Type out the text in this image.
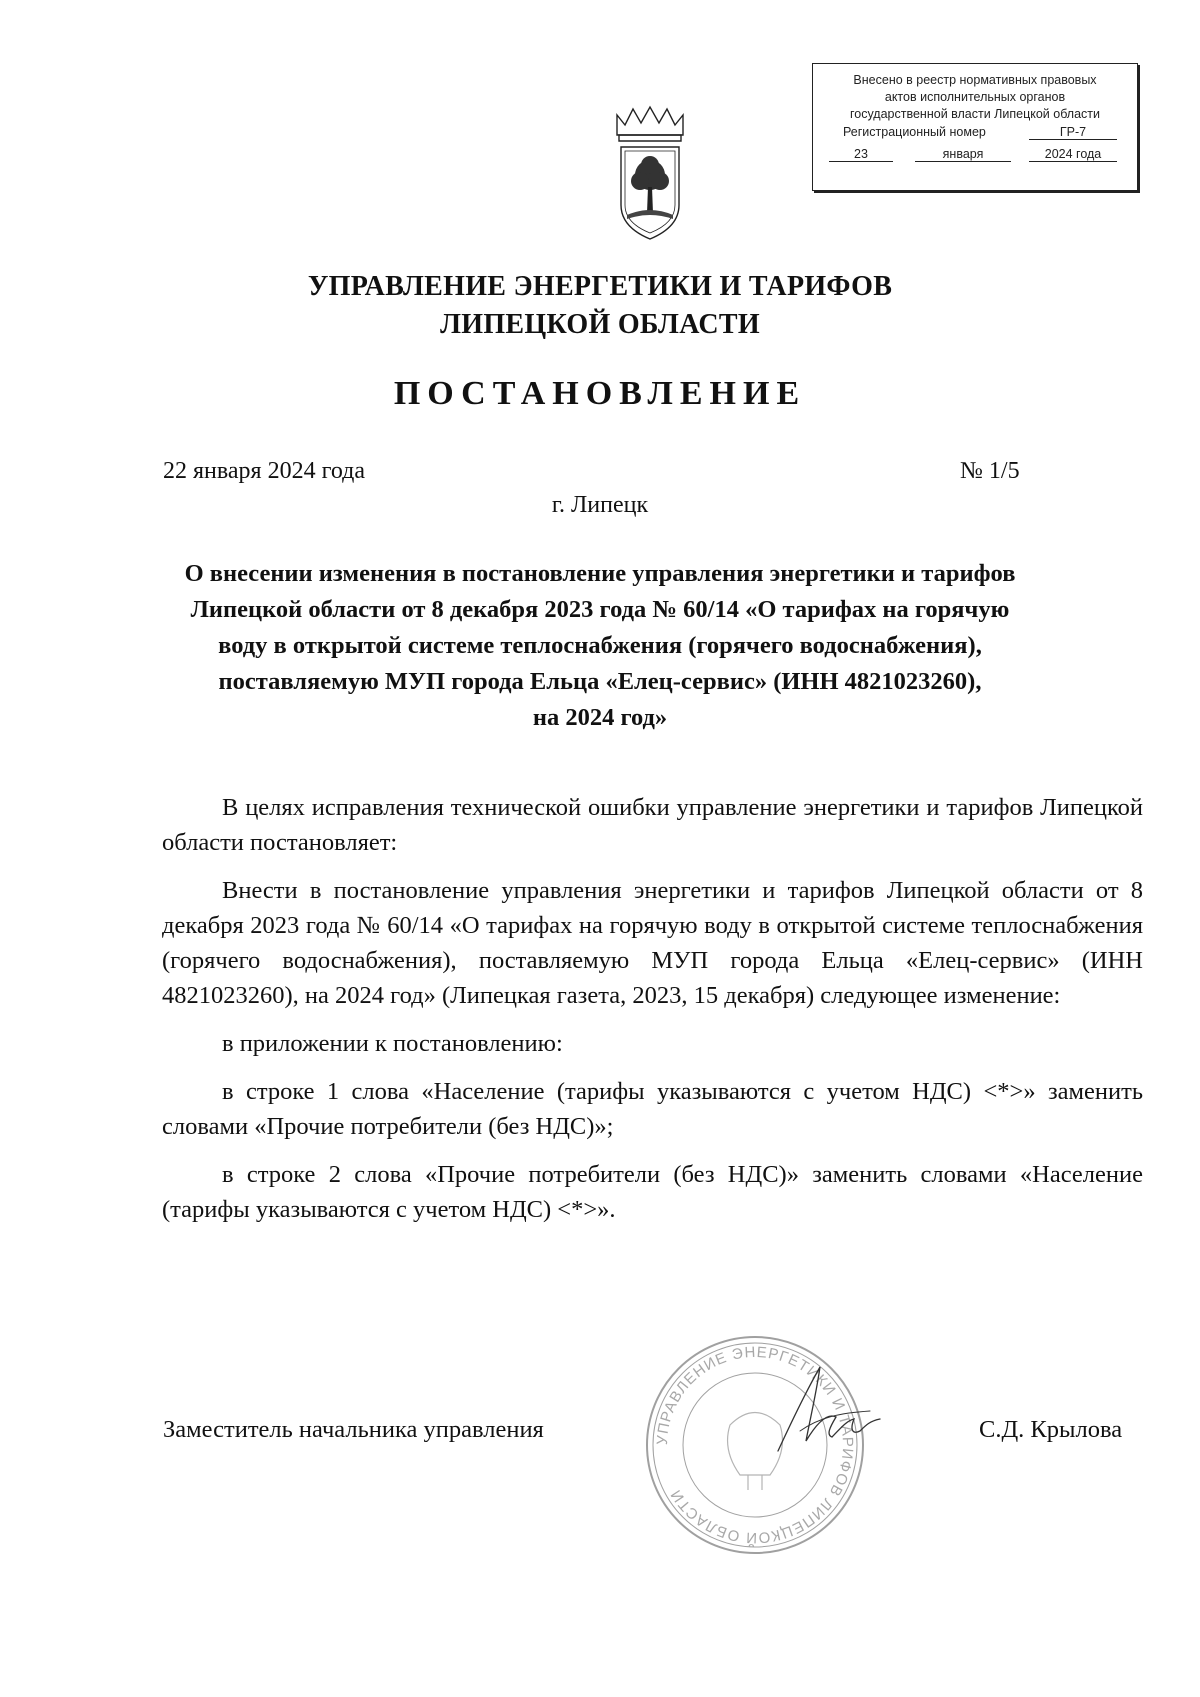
Внесено в реестр нормативных правовых
актов исполнительных органов
государственной власти Липецкой области
Регистрационный номер	ГР-7
23	января	2024 года
УПРАВЛЕНИЕ ЭНЕРГЕТИКИ И ТАРИФОВ
ЛИПЕЦКОЙ ОБЛАСТИ
ПОСТАНОВЛЕНИЕ
22 января 2024 года	№ 1/5
г. Липецк
О внесении изменения в постановление управления энергетики и тарифов
Липецкой области от 8 декабря 2023 года № 60/14 «О тарифах на горячую
воду в открытой системе теплоснабжения (горячего водоснабжения),
поставляемую МУП города Ельца «Елец-сервис» (ИНН 4821023260),
на 2024 год»

В целях исправления технической ошибки управление энергетики и тарифов Липецкой области постановляет:

Внести в постановление управления энергетики и тарифов Липецкой области от 8 декабря 2023 года № 60/14 «О тарифах на горячую воду в открытой системе теплоснабжения (горячего водоснабжения), поставляемую МУП города Ельца «Елец-сервис» (ИНН 4821023260), на 2024 год» (Липецкая газета, 2023, 15 декабря) следующее изменение:

в приложении к постановлению:

в строке 1 слова «Население (тарифы указываются с учетом НДС) <*>» заменить словами «Прочие потребители (без НДС)»;

в строке 2 слова «Прочие потребители (без НДС)» заменить словами «Население (тарифы указываются с учетом НДС) <*>».

УПРАВЛЕНИЕ ЭНЕРГЕТИКИ И ТАРИФОВ ЛИПЕЦКОЙ ОБЛАСТИ
Заместитель начальника управления	С.Д. Крылова
